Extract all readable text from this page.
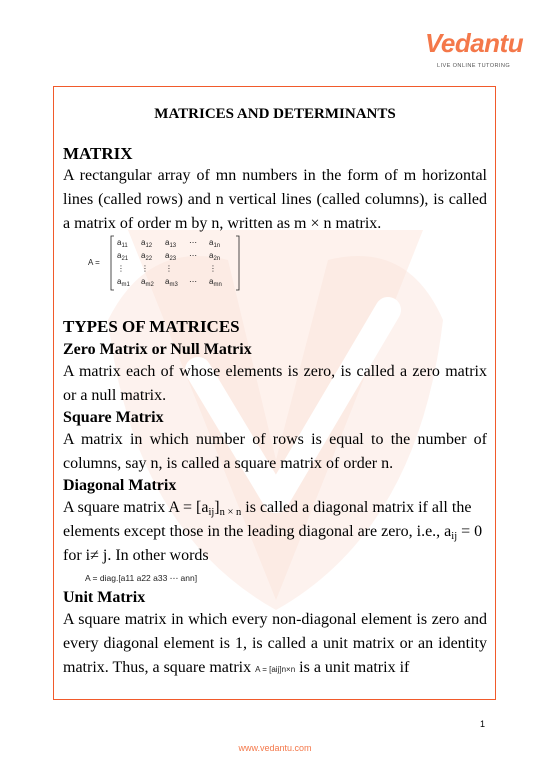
Vedantu
LIVE ONLINE TUTORING
MATRICES AND DETERMINANTS
MATRIX
A rectangular array of mn numbers in the form of m horizontal
lines (called rows) and n vertical lines (called columns), is called
a matrix of order m by n, written as m × n matrix.
A =
$a_{11}$	$a_{12}$	$a_{13}$	⋯	$a_{1n}$
$a_{21}$	$a_{22}$	$a_{23}$	⋯	$a_{2n}$
⋮	⋮	⋮	⋮
$a_{m1}$	$a_{m2}$	$a_{m3}$	⋯	$a_{mn}$
TYPES OF MATRICES
Zero Matrix or Null Matrix
A matrix each of whose elements is zero, is called a zero matrix
or a null matrix.
Square Matrix
A matrix in which number of rows is equal to the number of
columns, say n, is called a square matrix of order n.
Diagonal Matrix
A square matrix $A = [a_{ij}]_{n \times n}$ is called a diagonal matrix if all the
elements except those in the leading diagonal are zero, i.e., $a_{ij} = 0$
for i≠ j. In other words
A = diag.[a11 a22 a33 ⋯ ann]
Unit Matrix
A square matrix in which every non-diagonal element is zero and
every diagonal element is 1, is called a unit matrix or an identity
matrix. Thus, a square matrix A = [aij]n×n is a unit matrix if
1
www.vedantu.com
